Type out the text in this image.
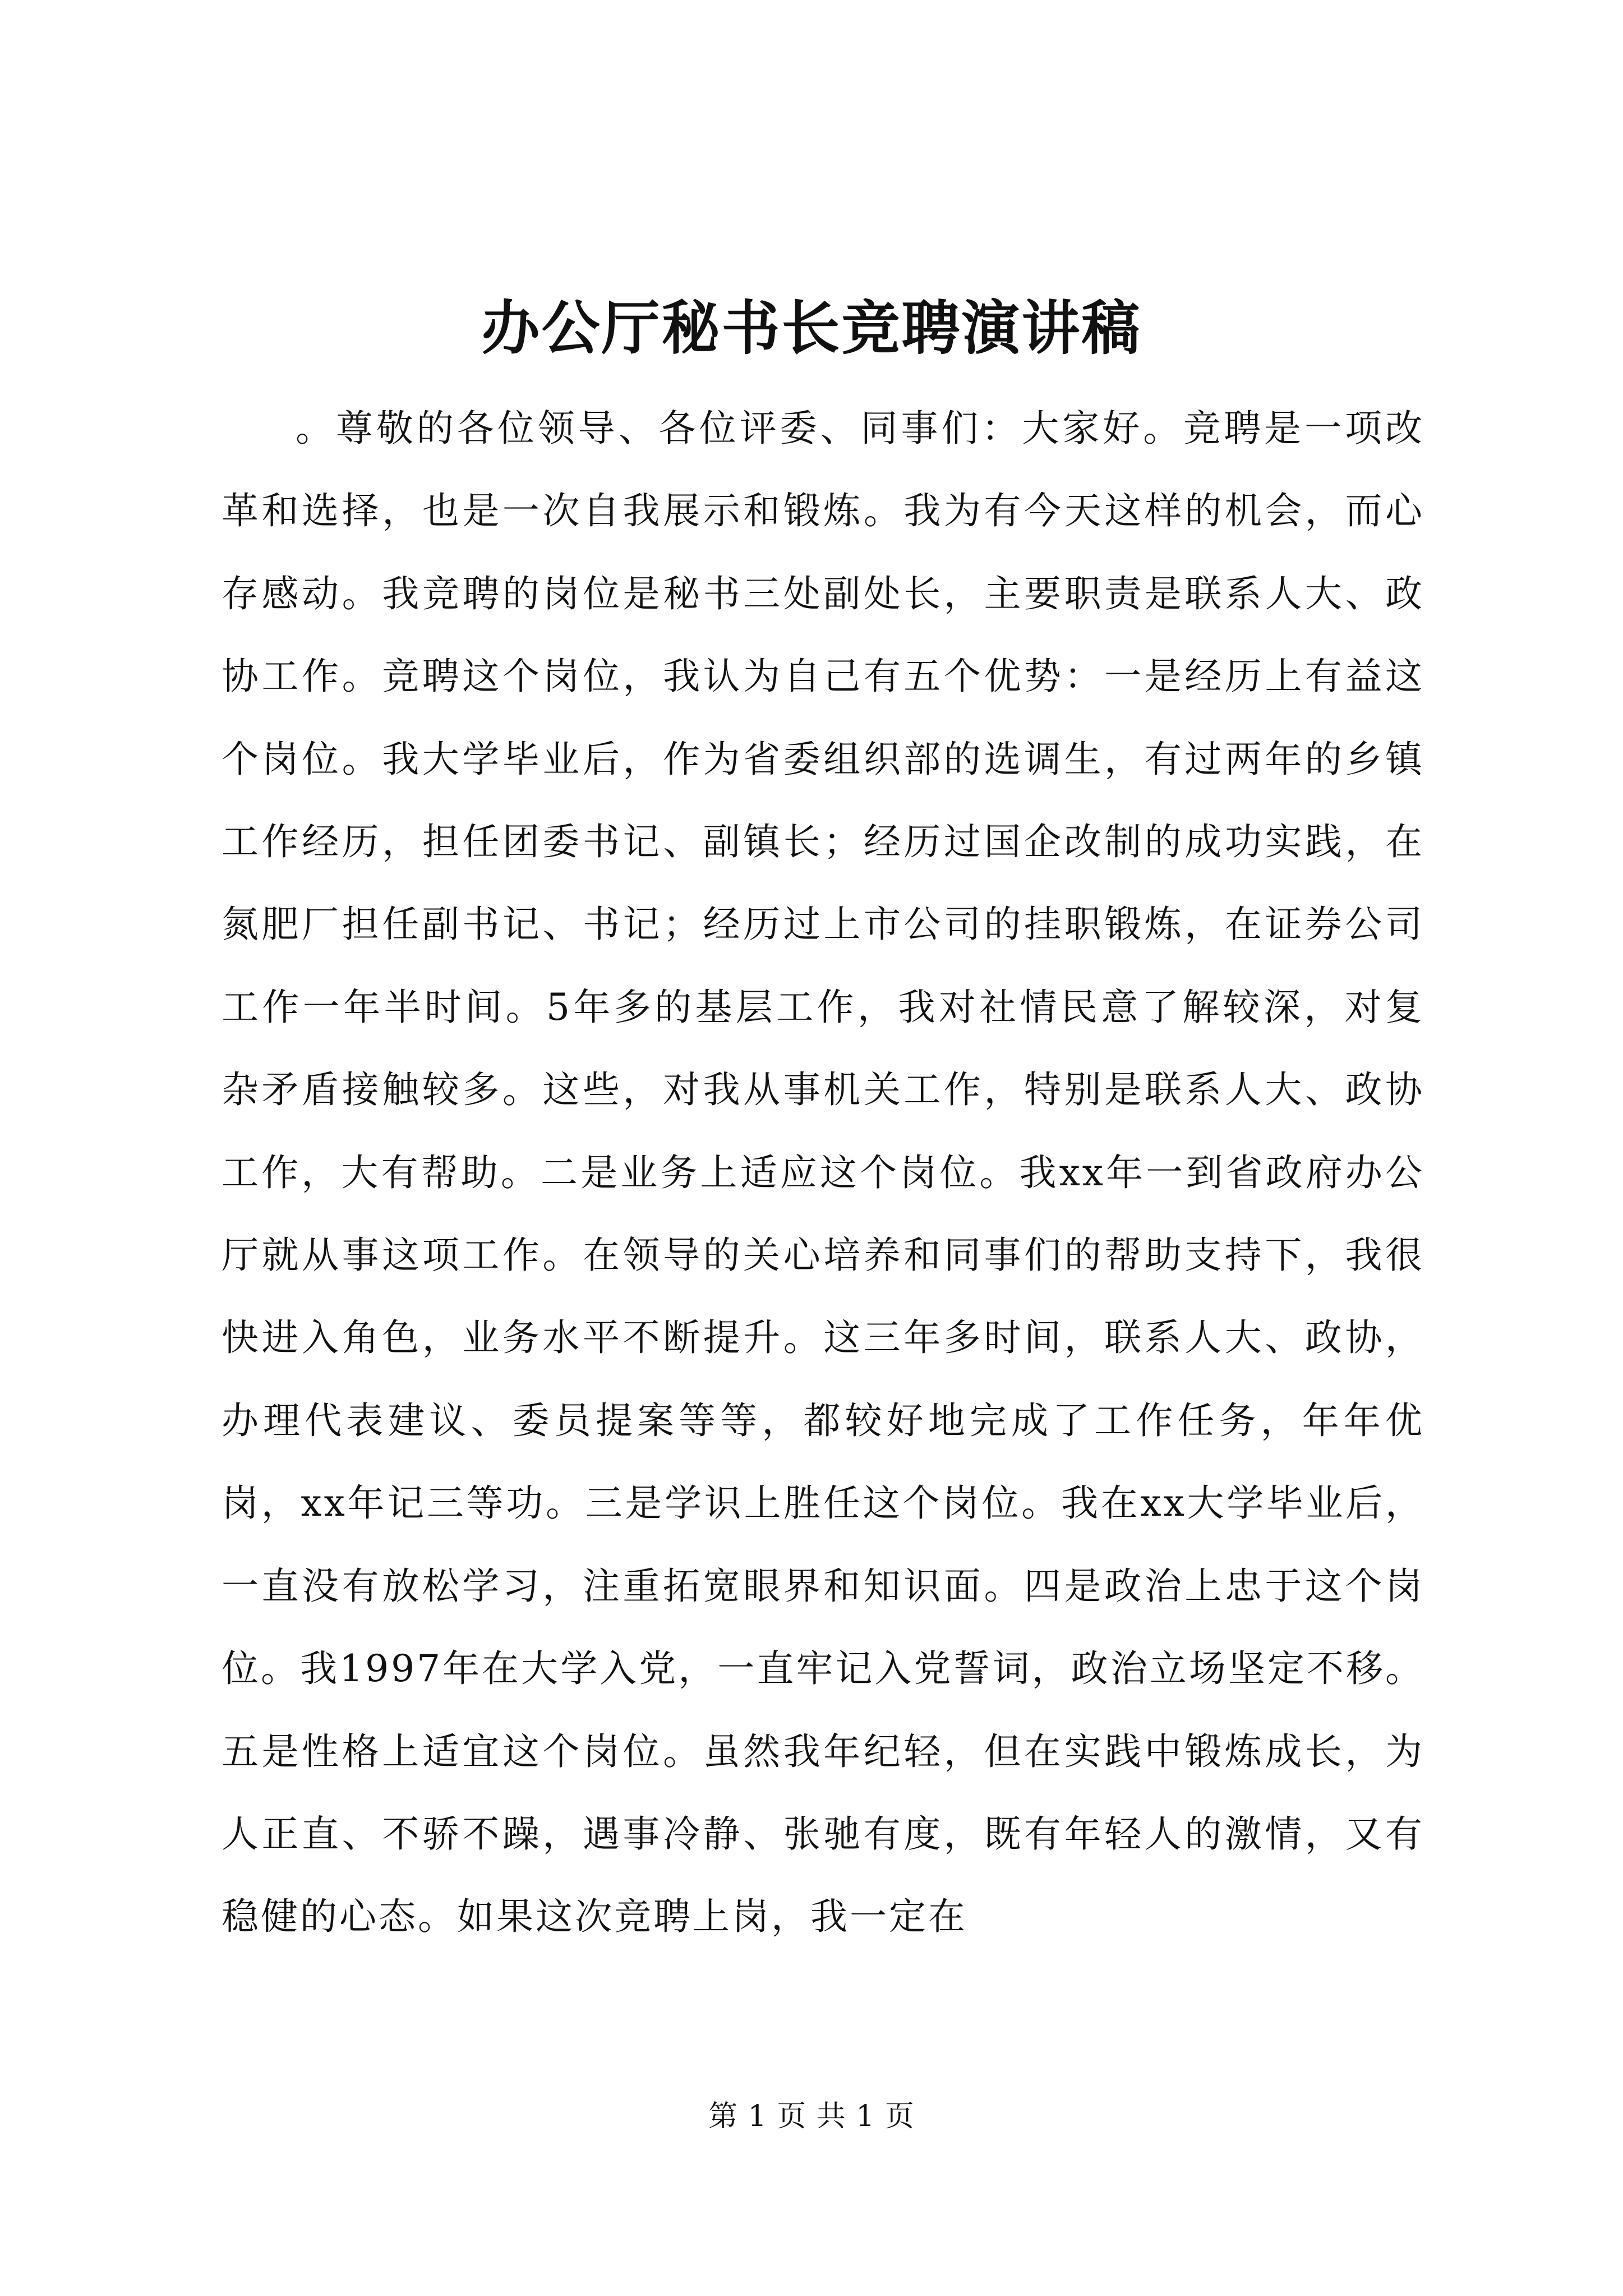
办公厅秘书长竞聘演讲稿

。尊敬的各位领导、各位评委、同事们：大家好。竞聘是一项改革和选择，也是一次自我展示和锻炼。我为有今天这样的机会，而心存感动。我竞聘的岗位是秘书三处副处长，主要职责是联系人大、政协工作。竞聘这个岗位，我认为自己有五个优势：一是经历上有益这个岗位。我大学毕业后，作为省委组织部的选调生，有过两年的乡镇工作经历，担任团委书记、副镇长；经历过国企改制的成功实践，在氮肥厂担任副书记、书记；经历过上市公司的挂职锻炼，在证券公司工作一年半时间。5年多的基层工作，我对社情民意了解较深，对复杂矛盾接触较多。这些，对我从事机关工作，特别是联系人大、政协工作，大有帮助。二是业务上适应这个岗位。我xx年一到省政府办公厅就从事这项工作。在领导的关心培养和同事们的帮助支持下，我很快进入角色，业务水平不断提升。这三年多时间，联系人大、政协，办理代表建议、委员提案等等，都较好地完成了工作任务，年年优岗，xx年记三等功。三是学识上胜任这个岗位。我在xx大学毕业后，一直没有放松学习，注重拓宽眼界和知识面。四是政治上忠于这个岗位。我1997年在大学入党，一直牢记入党誓词，政治立场坚定不移。五是性格上适宜这个岗位。虽然我年纪轻，但在实践中锻炼成长，为人正直、不骄不躁，遇事冷静、张驰有度，既有年轻人的激情，又有稳健的心态。如果这次竞聘上岗，我一定在

第 1 页 共 1 页
